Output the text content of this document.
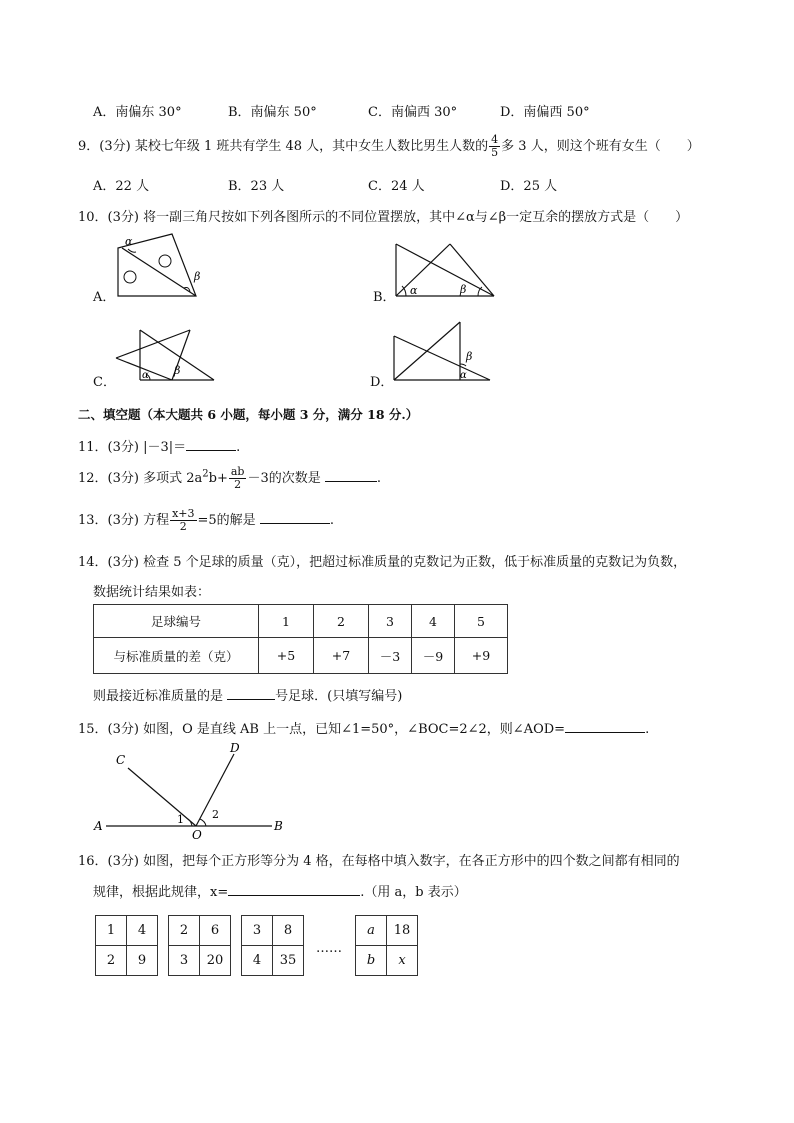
A．南偏东 30°	B．南偏东 50°	C．南偏西 30°	D．南偏西 50°
9．(3分) 某校七年级 1 班共有学生 48 人，其中女生人数比男生人数的 $\frac{4}{5}$ 多 3 人，则这个班有女生（　　）
A．22 人	B．23 人	C．24 人	D．25 人
10．(3分) 将一副三角尺按如下列各图所示的不同位置摆放，其中∠α与∠β一定互余的摆放方式是（　　）
A．
α
β
B． α	β
C．	α β
D．
β
α
二、填空题（本大题共 6 小题，每小题 3 分，满分 18 分.）
11．(3分) |－3|＝	.
12．(3分) 多项式 $2a^2b+ \frac{ab}{2} -3$的次数是	.
13．(3分) 方程 $\frac{x+3}{2} =5$的解是	.
14．(3分) 检查 5 个足球的质量（克），把超过标准质量的克数记为正数，低于标准质量的克数记为负数，
数据统计结果如表：
足球编号	1	2	3	4	5
与标准质量的差（克）	+5	+7	－3	－9	+9
则最接近标准质量的是	号足球．(只填写编号)
15．(3分) 如图，O 是直线 AB 上一点，已知∠1=50°，∠BOC=2∠2，则∠AOD=	.
A	B
C
D
O
1	2
16．(3分) 如图，把每个正方形等分为 4 格，在每格中填入数字，在各正方形中的四个数之间都有相同的
规律，根据此规律，x=	.（用 a，b 表示）
1	4
2	9
2	6
3	20
3	8
4	35
……
a	18
b	x
